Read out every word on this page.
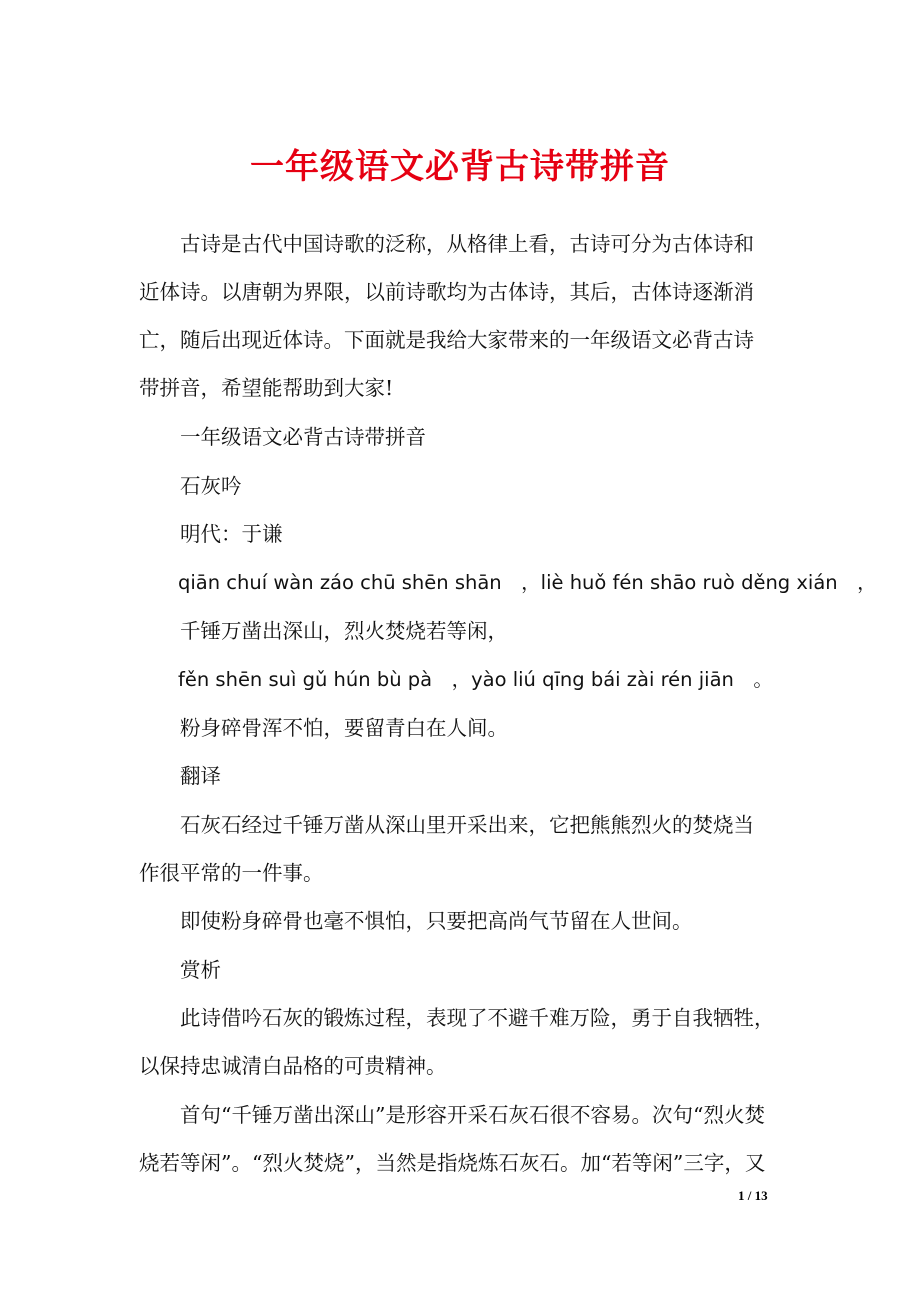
一年级语文必背古诗带拼音
　　古诗是古代中国诗歌的泛称，从格律上看，古诗可分为古体诗和
近体诗。以唐朝为界限，以前诗歌均为古体诗，其后，古体诗逐渐消
亡，随后出现近体诗。下面就是我给大家带来的一年级语文必背古诗
带拼音，希望能帮助到大家!
　　一年级语文必背古诗带拼音
　　石灰吟
　　明代：于谦
　　qiān chuí wàn záo chū shēn shān　，liè huǒ fén shāo ruò děng xián　，
　　千锤万凿出深山，烈火焚烧若等闲，
　　fěn shēn suì gǔ hún bù pà　，yào liú qīng bái zài rén jiān　。
　　粉身碎骨浑不怕，要留青白在人间。
　　翻译
　　石灰石经过千锤万凿从深山里开采出来，它把熊熊烈火的焚烧当
作很平常的一件事。
　　即使粉身碎骨也毫不惧怕，只要把高尚气节留在人世间。
　　赏析
　　此诗借吟石灰的锻炼过程，表现了不避千难万险，勇于自我牺牲，
以保持忠诚清白品格的可贵精神。
　　首句“千锤万凿出深山”是形容开采石灰石很不容易。次句“烈火焚
烧若等闲”。“烈火焚烧”，当然是指烧炼石灰石。加“若等闲”三字，又
1 / 13
